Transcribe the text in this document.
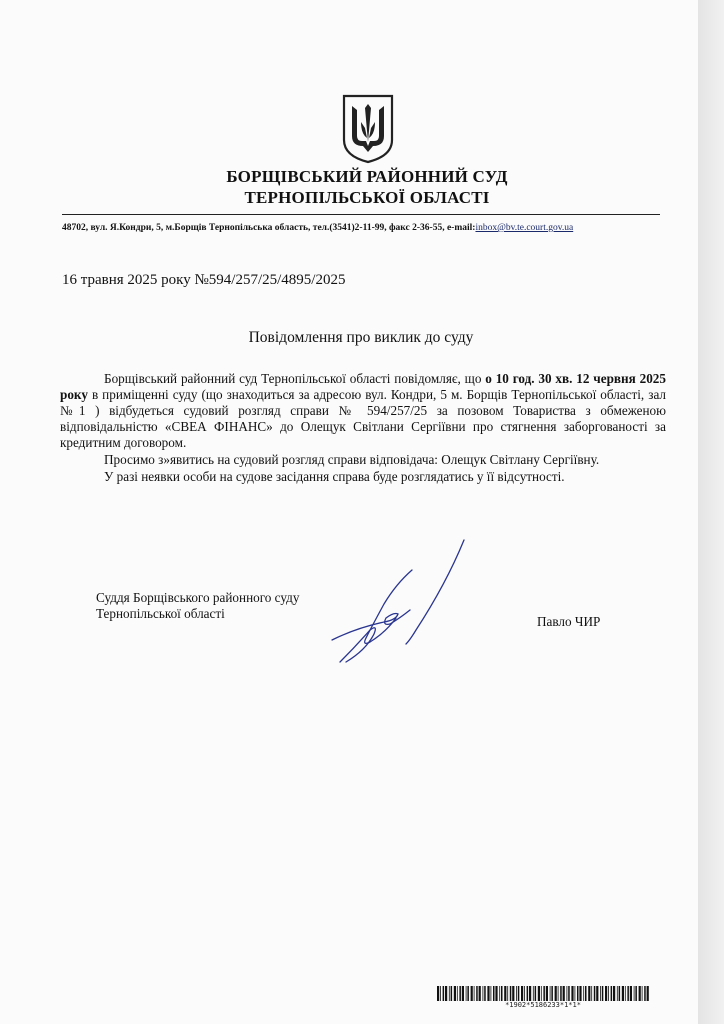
БОРЩІВСЬКИЙ РАЙОННИЙ СУД
ТЕРНОПІЛЬСЬКОЇ ОБЛАСТІ
48702, вул. Я.Кондри, 5, м.Борщів Тернопільська область, тел.(3541)2-11-99, факс 2-36-55, e-mail:inbox@bv.te.court.gov.ua
16 травня 2025 року №594/257/25/4895/2025
Повідомлення про виклик до суду

Борщівський районний суд Тернопільської області повідомляє, що о 10 год. 30 хв. 12 червня 2025 року в приміщенні суду (що знаходиться за адресою вул. Кондри, 5 м. Борщів Тернопільської області, зал №1 ) відбудеться судовий розгляд справи № 594/257/25 за позовом Товариства з обмеженою відповідальністю «СВЕА ФІНАНС» до Олещук Світлани Сергіївни про стягнення заборгованості за кредитним договором.

Просимо з»явитись на судовий розгляд справи відповідача: Олещук Світлану Сергіївну.

У разі неявки особи на судове засідання справа буде розглядатись у її відсутності.

Суддя Борщівського районного суду
Тернопільської області
Павло ЧИР
*1902*5186233*1*1*
